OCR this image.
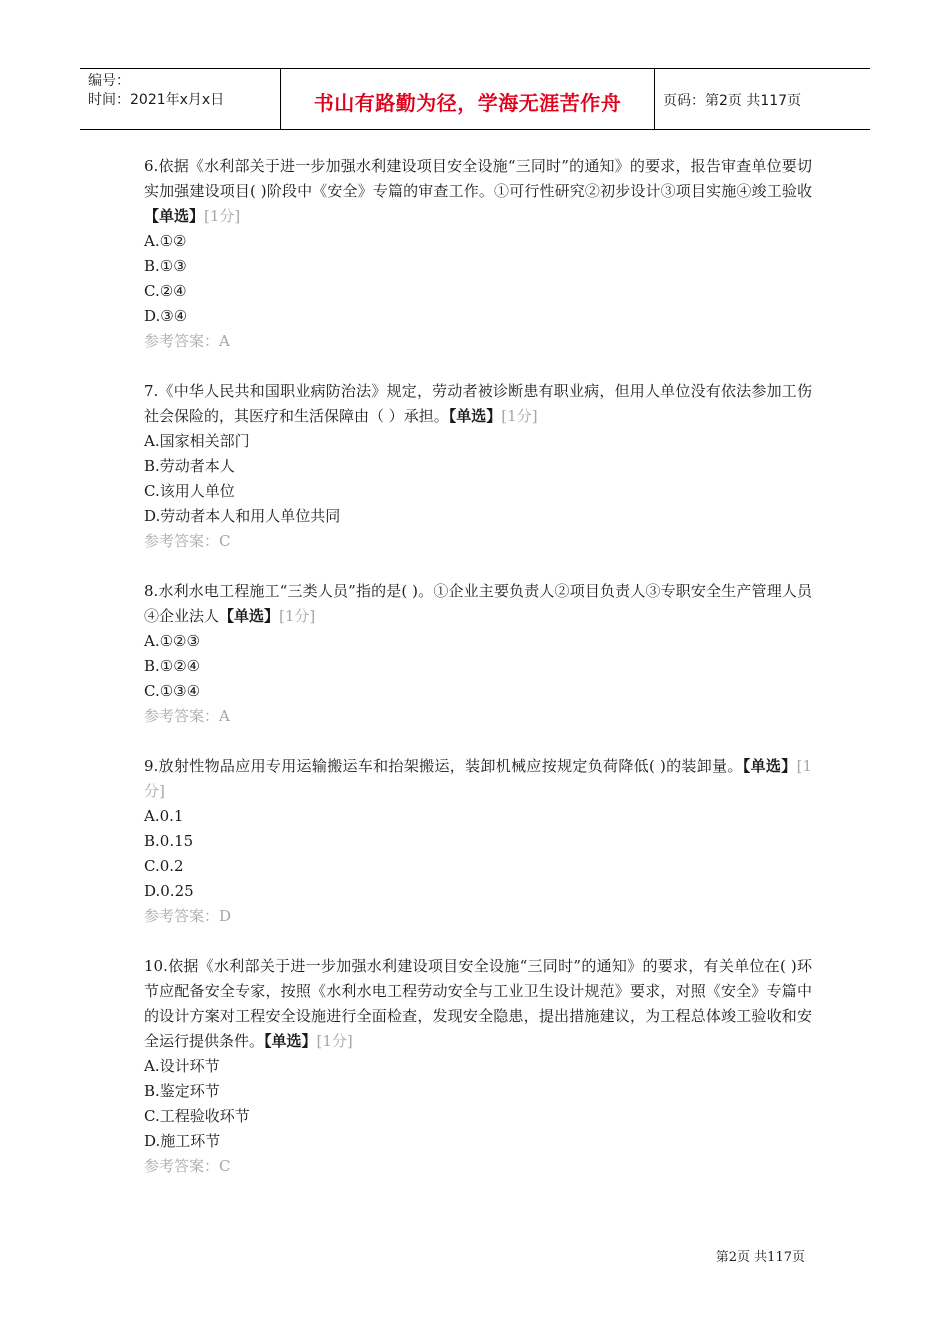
编号：
时间：2021年x月x日	书山有路勤为径，学海无涯苦作舟	页码：第2页 共117页

6.依据《水利部关于进一步加强水利建设项目安全设施“三同时”的通知》的要求，报告审查单位要切实加强建设项目( )阶段中《安全》专篇的审查工作。①可行性研究②初步设计③项目实施④竣工验收【单选】[1分]

A.①②

B.①③

C.②④

D.③④

参考答案：A

7.《中华人民共和国职业病防治法》规定，劳动者被诊断患有职业病，但用人单位没有依法参加工伤社会保险的，其医疗和生活保障由（ ）承担。【单选】[1分]

A.国家相关部门

B.劳动者本人

C.该用人单位

D.劳动者本人和用人单位共同

参考答案：C

8.水利水电工程施工“三类人员”指的是( )。①企业主要负责人②项目负责人③专职安全生产管理人员 ④企业法人【单选】[1分]

A.①②③

B.①②④

C.①③④

参考答案：A

9.放射性物品应用专用运输搬运车和抬架搬运，装卸机械应按规定负荷降低( )的装卸量。【单选】[1分]

A.0.1

B.0.15

C.0.2

D.0.25

参考答案：D

10.依据《水利部关于进一步加强水利建设项目安全设施“三同时”的通知》的要求，有关单位在( )环节应配备安全专家，按照《水利水电工程劳动安全与工业卫生设计规范》要求，对照《安全》专篇中的设计方案对工程安全设施进行全面检查，发现安全隐患，提出措施建议，为工程总体竣工验收和安全运行提供条件。【单选】[1分]

A.设计环节

B.鉴定环节

C.工程验收环节

D.施工环节

参考答案：C

第2页 共117页
